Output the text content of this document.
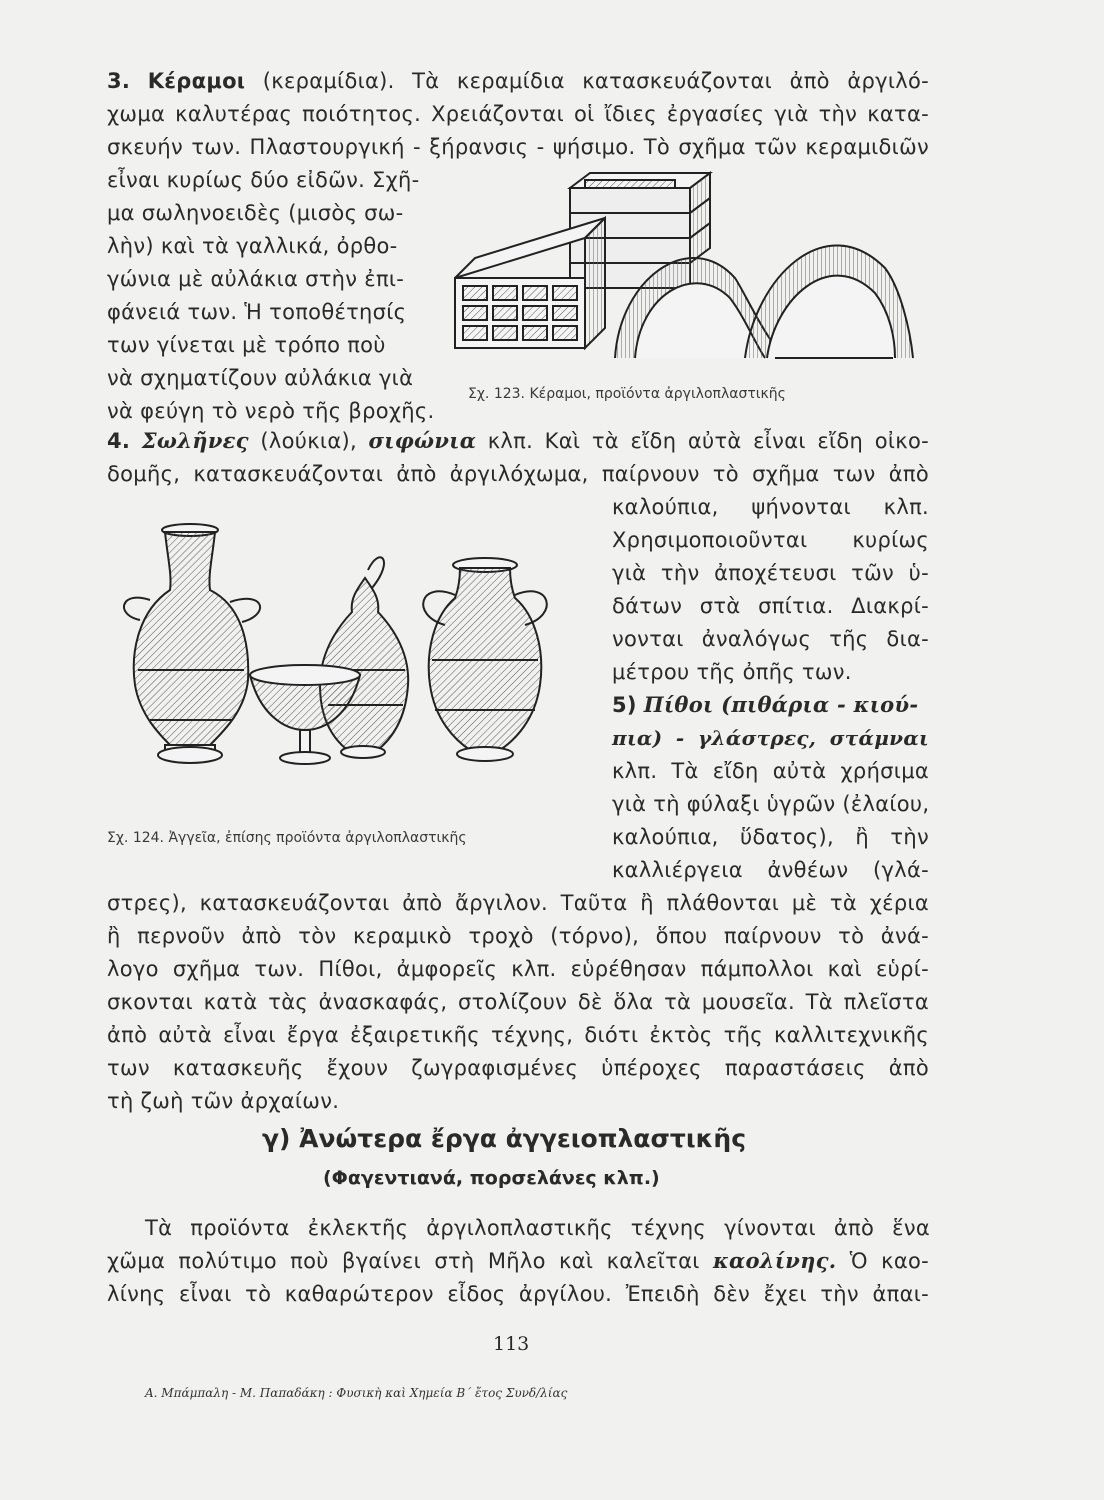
3. Κέραμοι (κεραμίδια). Τὰ κεραμίδια κατασκευάζονται ἀπὸ ἀργιλό-
χωμα καλυτέρας ποιότητος. Χρειάζονται οἱ ἴδιες ἐργασίες γιὰ τὴν κατα-
σκευήν των. Πλαστουργική - ξήρανσις - ψήσιμο. Τὸ σχῆμα τῶν κεραμιδιῶν
εἶναι κυρίως δύο εἰδῶν. Σχῆ-
μα σωληνοειδὲς (μισὸς σω-
λὴν) καὶ τὰ γαλλικά, ὀρθο-
γώνια μὲ αὐλάκια στὴν ἐπι-
φάνειά των. Ἡ τοποθέτησίς
των γίνεται μὲ τρόπο ποὺ
νὰ σχηματίζουν αὐλάκια γιὰ
νὰ φεύγη τὸ νερὸ τῆς βροχῆς.
Σχ. 123. Κέραμοι, προϊόντα ἀργιλοπλαστικῆς
4. Σωλῆνες (λούκια), σιφώνια κλπ. Καὶ τὰ εἴδη αὐτὰ εἶναι εἴδη οἰκο-
δομῆς, κατασκευάζονται ἀπὸ ἀργιλόχωμα, παίρνουν τὸ σχῆμα των ἀπὸ
καλούπια, ψήνονται κλπ.
Χρησιμοποιοῦνται κυρίως
γιὰ τὴν ἀποχέτευσι τῶν ὑ-
δάτων στὰ σπίτια. Διακρί-
νονται ἀναλόγως τῆς δια-
μέτρου τῆς ὀπῆς των.
5) Πίθοι (πιθάρια - κιού-
πια) - γλάστρες, στάμναι
κλπ. Τὰ εἴδη αὐτὰ χρήσιμα
γιὰ τὴ φύλαξι ὑγρῶν (ἐλαίου,
καλούπια, ὕδατος), ἢ τὴν
καλλιέργεια ἀνθέων (γλά-
στρες), κατασκευάζονται ἀπὸ ἄργιλον. Ταῦτα ἢ πλάθονται μὲ τὰ χέρια
ἢ περνοῦν ἀπὸ τὸν κεραμικὸ τροχὸ (τόρνο), ὅπου παίρνουν τὸ ἀνά-
λογο σχῆμα των. Πίθοι, ἀμφορεῖς κλπ. εὑρέθησαν πάμπολλοι καὶ εὑρί-
σκονται κατὰ τὰς ἀνασκαφάς, στολίζουν δὲ ὅλα τὰ μουσεῖα. Τὰ πλεῖστα
ἀπὸ αὐτὰ εἶναι ἔργα ἐξαιρετικῆς τέχνης, διότι ἐκτὸς τῆς καλλιτεχνικῆς
των κατασκευῆς ἔχουν ζωγραφισμένες ὑπέροχες παραστάσεις ἀπὸ
τὴ ζωὴ τῶν ἀρχαίων.
Σχ. 124. Ἀγγεῖα, ἐπίσης προϊόντα ἀργιλοπλαστικῆς
γ) Ἀνώτερα ἔργα ἀγγειοπλαστικῆς
(Φαγεντιανά, πορσελάνες κλπ.)
Τὰ προϊόντα ἐκλεκτῆς ἀργιλοπλαστικῆς τέχνης γίνονται ἀπὸ ἕνα
χῶμα πολύτιμο ποὺ βγαίνει στὴ Μῆλο καὶ καλεῖται καολίνης. Ὁ καο-
λίνης εἶναι τὸ καθαρώτερον εἶδος ἀργίλου. Ἐπειδὴ δὲν ἔχει τὴν ἀπαι-
113
Α. Μπάμπαλη - Μ. Παπαδάκη : Φυσικὴ καὶ Χημεία Β΄ ἔτος Συνδ/λίας
